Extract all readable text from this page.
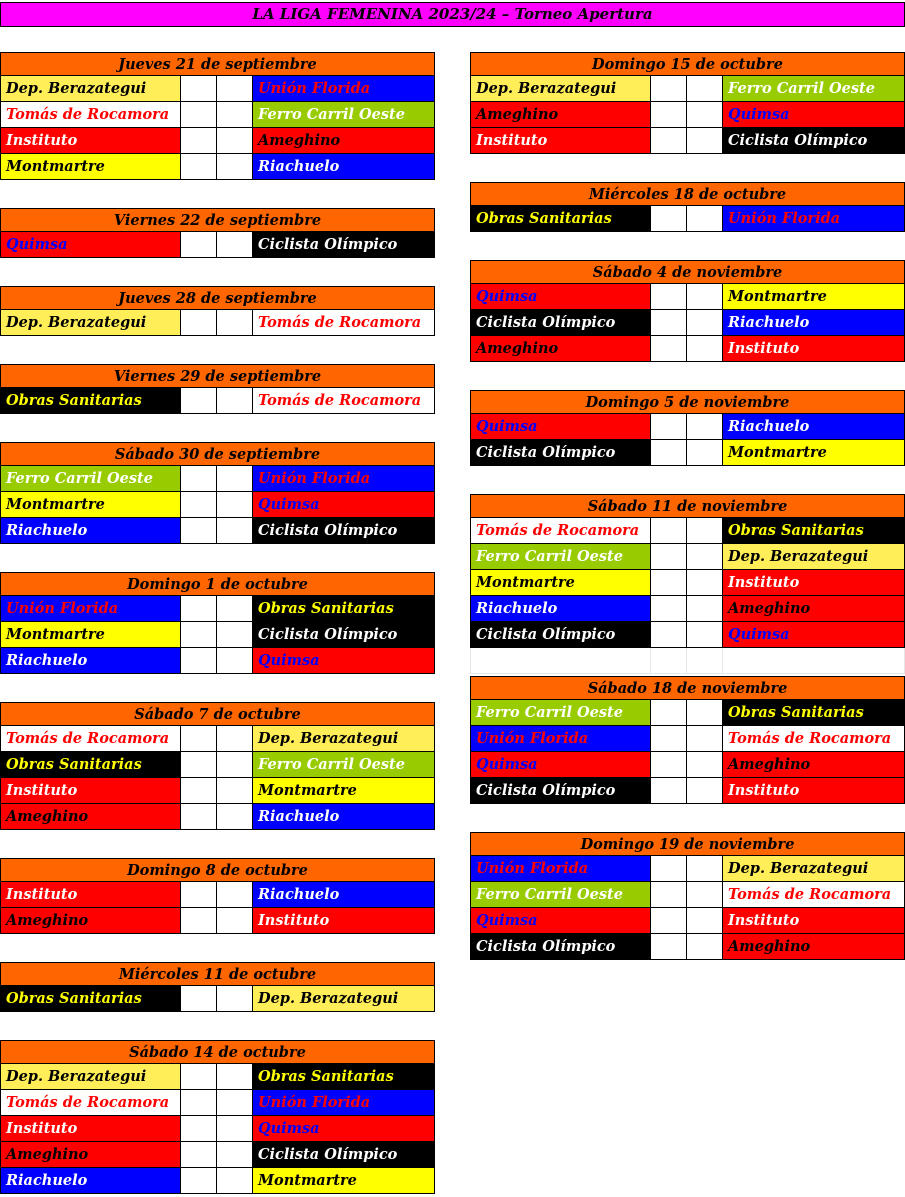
LA LIGA FEMENINA 2023/24 – Torneo Apertura
Jueves 21 de septiembre
Dep. Berazategui	Unión Florida
Tomás de Rocamora	Ferro Carril Oeste
Instituto	Ameghino
Montmartre	Riachuelo
Viernes 22 de septiembre
Quimsa	Ciclista Olímpico
Jueves 28 de septiembre
Dep. Berazategui	Tomás de Rocamora
Viernes 29 de septiembre
Obras Sanitarias	Tomás de Rocamora
Sábado 30 de septiembre
Ferro Carril Oeste	Unión Florida
Montmartre	Quimsa
Riachuelo	Ciclista Olímpico
Domingo 1 de octubre
Unión Florida	Obras Sanitarias
Montmartre	Ciclista Olímpico
Riachuelo	Quimsa
Sábado 7 de octubre
Tomás de Rocamora	Dep. Berazategui
Obras Sanitarias	Ferro Carril Oeste
Instituto	Montmartre
Ameghino	Riachuelo
Domingo 8 de octubre
Instituto	Riachuelo
Ameghino	Instituto
Miércoles 11 de octubre
Obras Sanitarias	Dep. Berazategui
Sábado 14 de octubre
Dep. Berazategui	Obras Sanitarias
Tomás de Rocamora	Unión Florida
Instituto	Quimsa
Ameghino	Ciclista Olímpico
Riachuelo	Montmartre
Domingo 15 de octubre
Dep. Berazategui	Ferro Carril Oeste
Ameghino	Quimsa
Instituto	Ciclista Olímpico
Miércoles 18 de octubre
Obras Sanitarias	Unión Florida
Sábado 4 de noviembre
Quimsa	Montmartre
Ciclista Olímpico	Riachuelo
Ameghino	Instituto
Domingo 5 de noviembre
Quimsa	Riachuelo
Ciclista Olímpico	Montmartre
Sábado 11 de noviembre
Tomás de Rocamora	Obras Sanitarias
Ferro Carril Oeste	Dep. Berazategui
Montmartre	Instituto
Riachuelo	Ameghino
Ciclista Olímpico	Quimsa
Sábado 18 de noviembre
Ferro Carril Oeste	Obras Sanitarias
Unión Florida	Tomás de Rocamora
Quimsa	Ameghino
Ciclista Olímpico	Instituto
Domingo 19 de noviembre
Unión Florida	Dep. Berazategui
Ferro Carril Oeste	Tomás de Rocamora
Quimsa	Instituto
Ciclista Olímpico	Ameghino
